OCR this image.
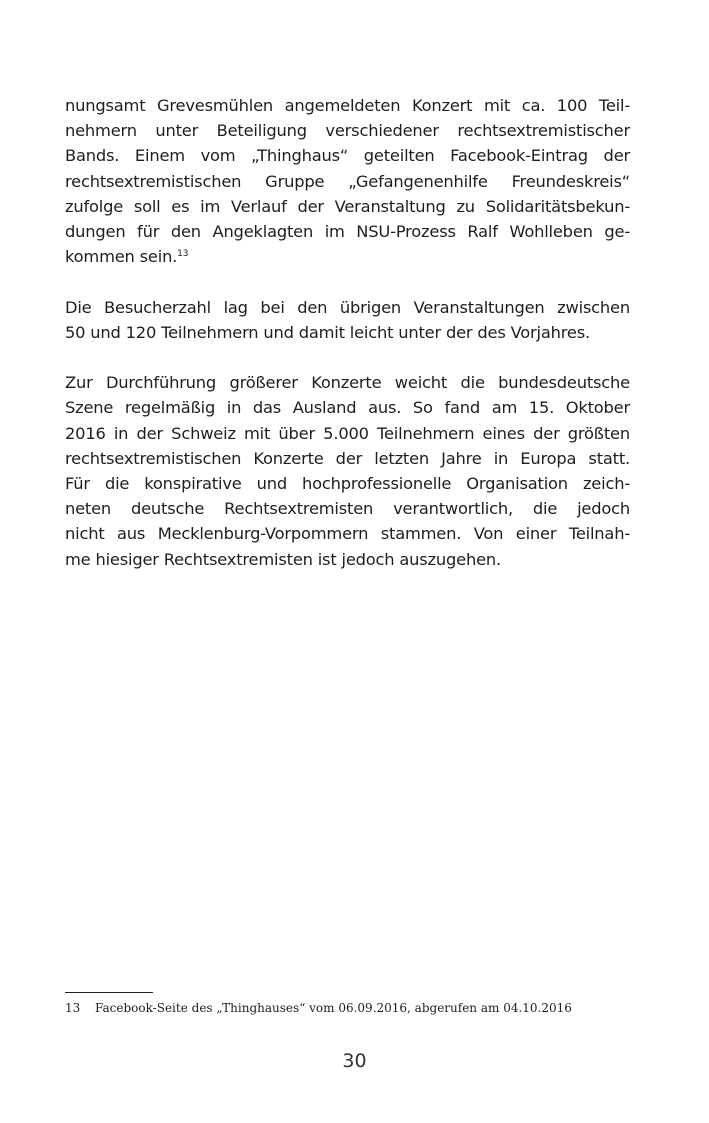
nungsamt Grevesmühlen angemeldeten Konzert mit ca. 100 Teil-
nehmern unter Beteiligung verschiedener rechtsextremistischer
Bands. Einem vom „Thinghaus“ geteilten Facebook-Eintrag der
rechtsextremistischen Gruppe „Gefangenenhilfe Freundeskreis“
zufolge soll es im Verlauf der Veranstaltung zu Solidaritätsbekun-
dungen für den Angeklagten im NSU-Prozess Ralf Wohlleben ge-
kommen sein.$^{13}$

Die Besucherzahl lag bei den übrigen Veranstaltungen zwischen
50 und 120 Teilnehmern und damit leicht unter der des Vorjahres.

Zur Durchführung größerer Konzerte weicht die bundesdeutsche
Szene regelmäßig in das Ausland aus. So fand am 15. Oktober
2016 in der Schweiz mit über 5.000 Teilnehmern eines der größten
rechtsextremistischen Konzerte der letzten Jahre in Europa statt.
Für die konspirative und hochprofessionelle Organisation zeich-
neten deutsche Rechtsextremisten verantwortlich, die jedoch
nicht aus Mecklenburg-Vorpommern stammen. Von einer Teilnah-
me hiesiger Rechtsextremisten ist jedoch auszugehen.

13 Facebook-Seite des „Thinghauses“ vom 06.09.2016, abgerufen am 04.10.2016
30
